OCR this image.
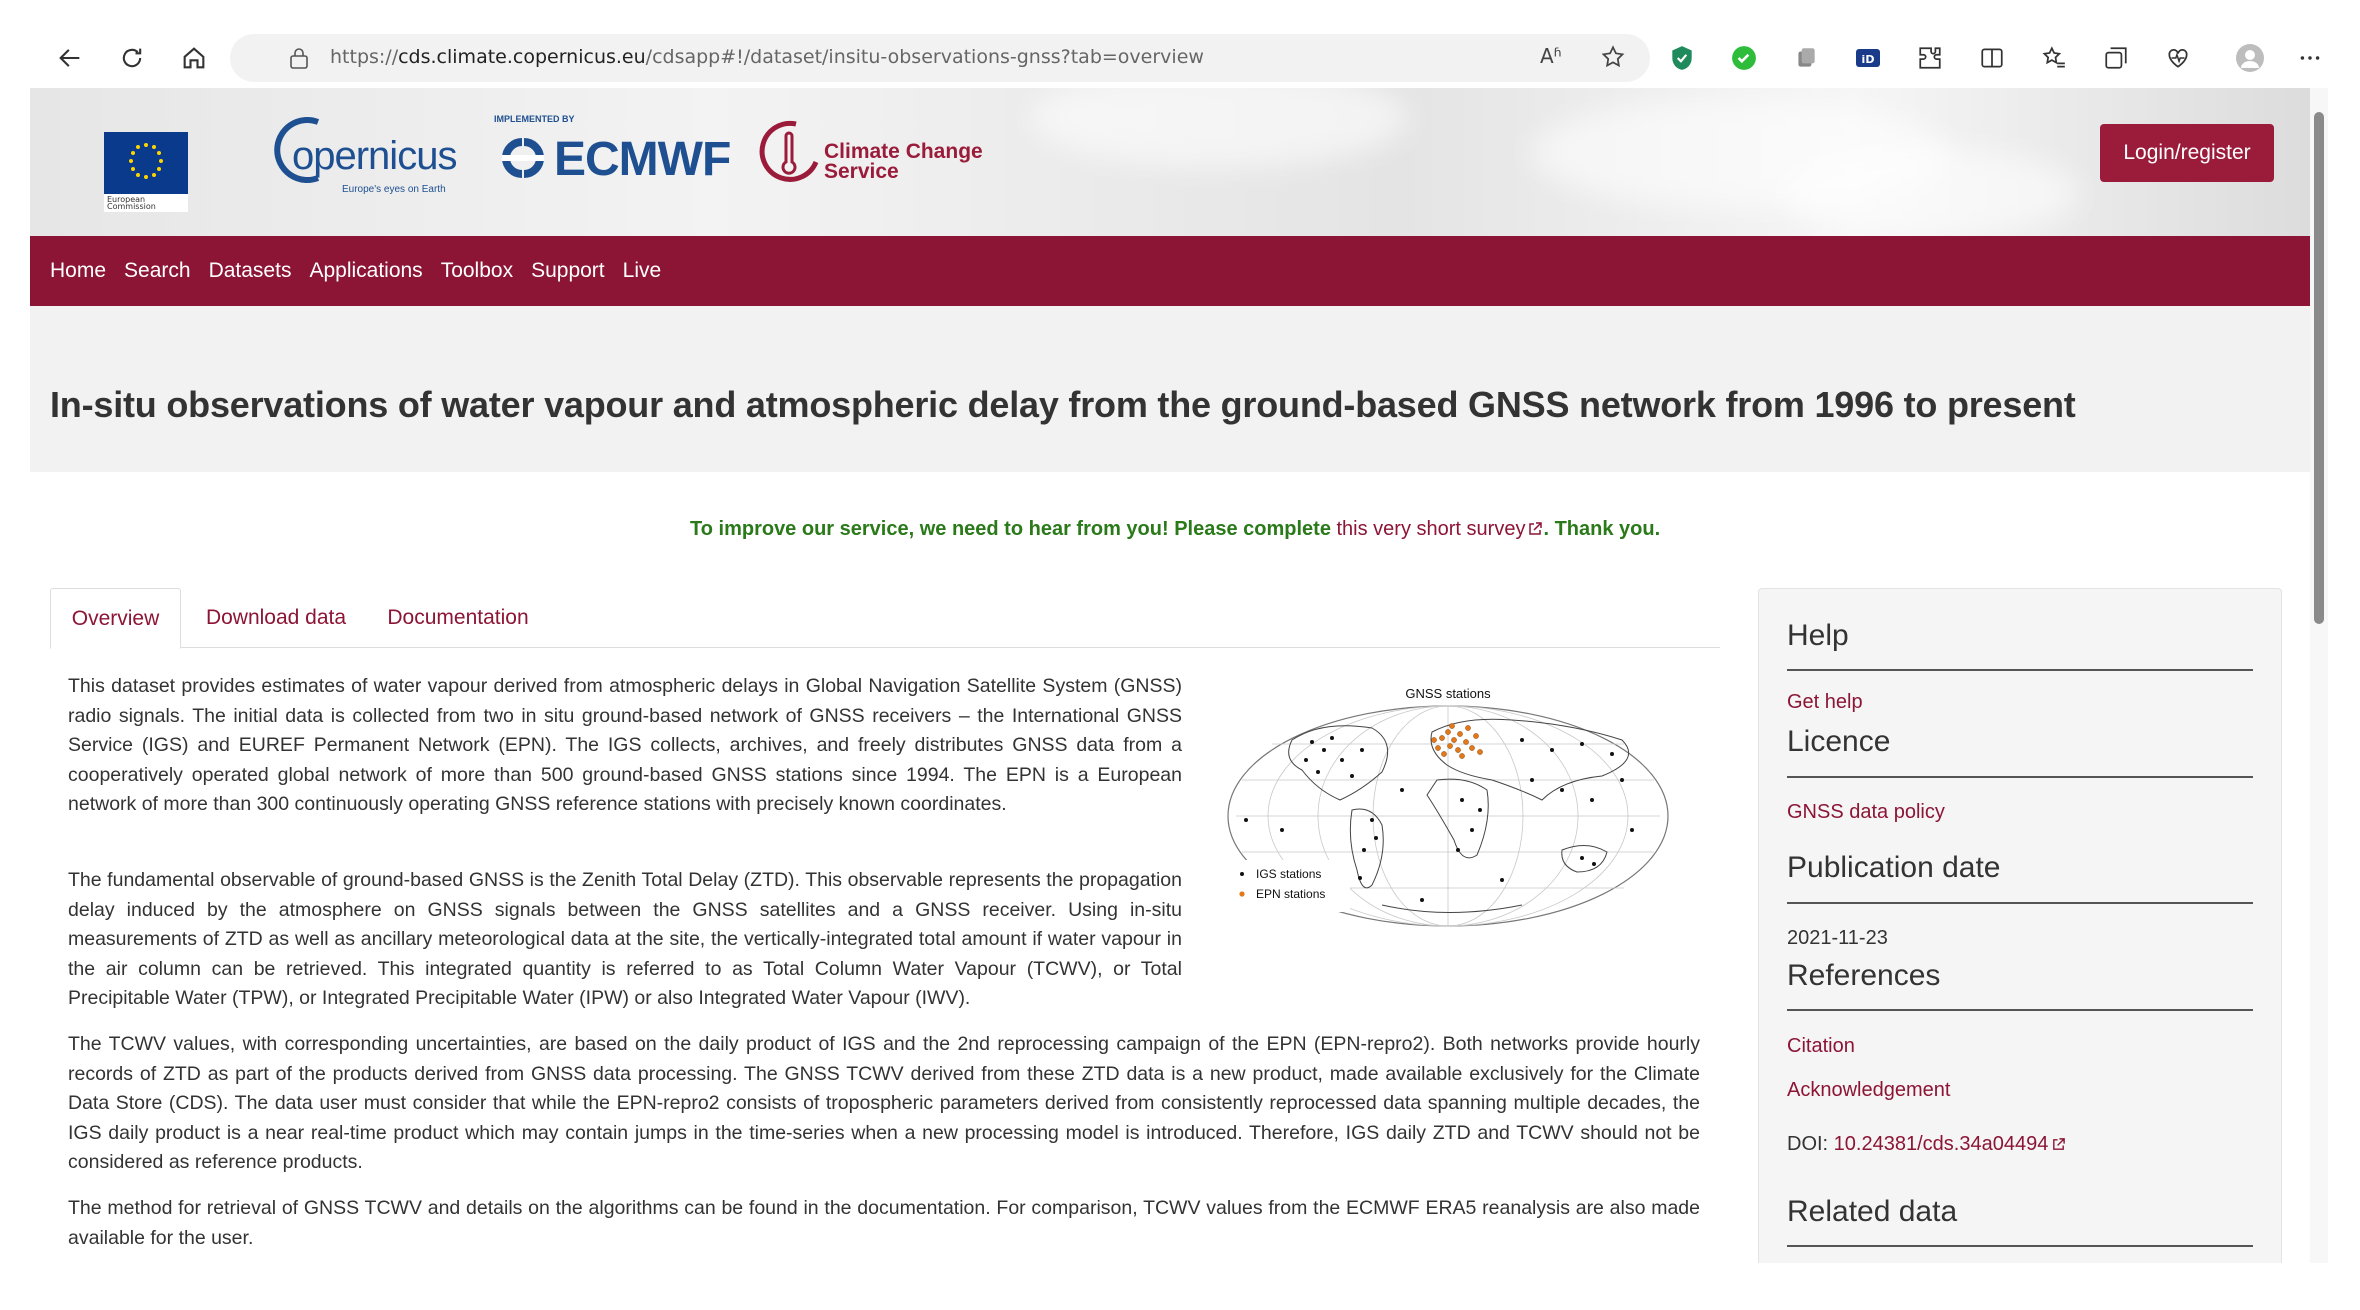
https://cds.climate.copernicus.eu/cdsapp#!/dataset/insitu-observations-gnss?tab=overview	Aʱ	iD
European Commission
opernicus
Europe's eyes on Earth
IMPLEMENTED BY
ECMWF	Climate Change
Service
Login/register
Home Search Datasets Applications Toolbox Support Live
In-situ observations of water vapour and atmospheric delay from the ground-based GNSS network from 1996 to present
To improve our service, we need to hear from you! Please complete this very short survey . Thank you.
Overview	Download data	Documentation

This dataset provides estimates of water vapour derived from atmospheric delays in Global Navigation Satellite System (GNSS) radio signals. The initial data is collected from two in situ ground-based network of GNSS receivers – the International GNSS Service (IGS) and EUREF Permanent Network (EPN). The IGS collects, archives, and freely distributes GNSS data from a cooperatively operated global network of more than 500 ground-based GNSS stations since 1994. The EPN is a European network of more than 300 continuously operating GNSS reference stations with precisely known coordinates.

The fundamental observable of ground-based GNSS is the Zenith Total Delay (ZTD). This observable represents the propagation delay induced by the atmosphere on GNSS signals between the GNSS satellites and a GNSS receiver. Using in-situ measurements of ZTD as well as ancillary meteorological data at the site, the vertically-integrated total amount if water vapour in the air column can be retrieved. This integrated quantity is referred to as Total Column Water Vapour (TCWV), or Total Precipitable Water (TPW), or Integrated Precipitable Water (IPW) or also Integrated Water Vapour (IWV).

The TCWV values, with corresponding uncertainties, are based on the daily product of IGS and the 2nd reprocessing campaign of the EPN (EPN-repro2). Both networks provide hourly records of ZTD as part of the products derived from GNSS data processing. The GNSS TCWV derived from these ZTD data is a new product, made available exclusively for the Climate Data Store (CDS). The data user must consider that while the EPN-repro2 consists of tropospheric parameters derived from consistently reprocessed data spanning multiple decades, the IGS daily product is a near real-time product which may contain jumps in the time-series when a new processing model is introduced. Therefore, IGS daily ZTD and TCWV should not be considered as reference products.

The method for retrieval of GNSS TCWV and details on the algorithms can be found in the documentation. For comparison, TCWV values from the ECMWF ERA5 reanalysis are also made available for the user.

GNSS stations
IGS stations
EPN stations
Help
Get help
Licence
GNSS data policy
Publication date
2021-11-23
References
Citation
Acknowledgement
DOI: 10.24381/cds.34a04494
Related data
